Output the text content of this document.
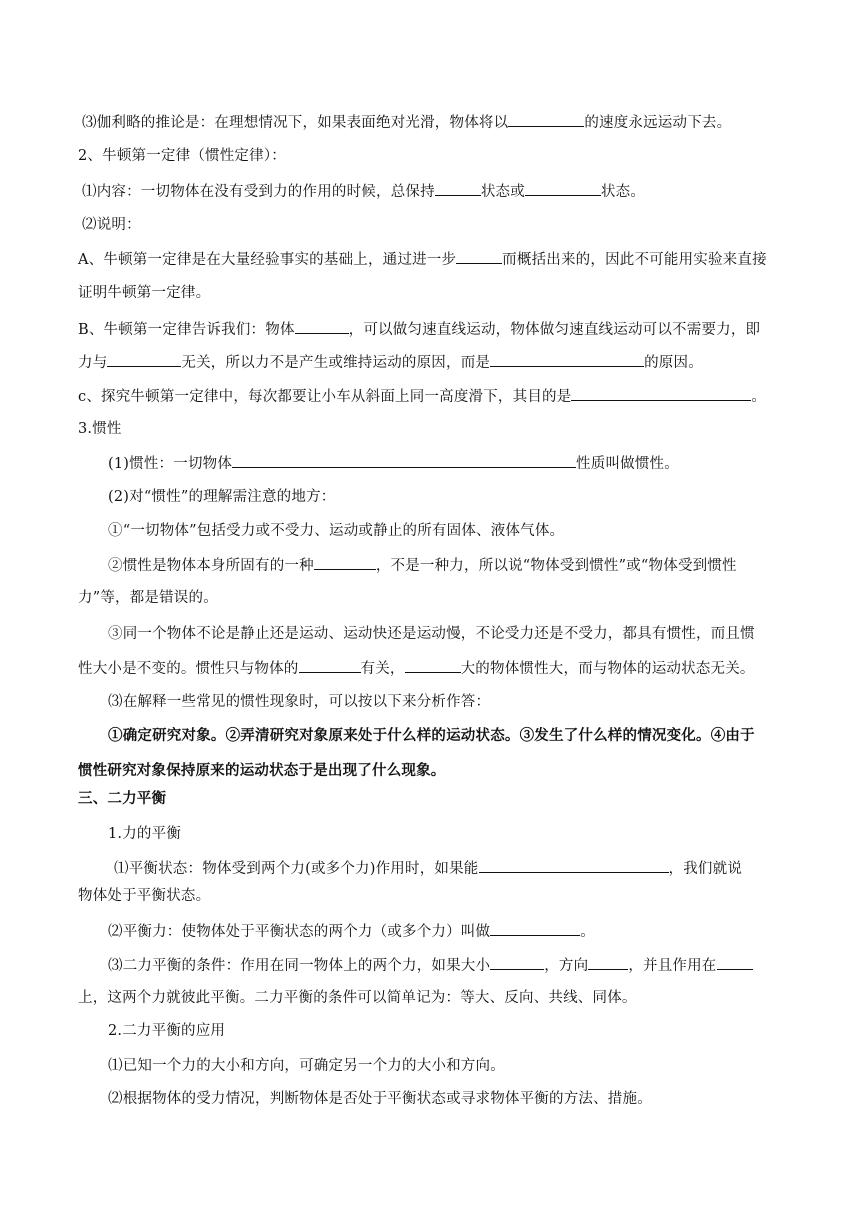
⑶伽利略的推论是：在理想情况下，如果表面绝对光滑，物体将以	的速度永远运动下去。
2、牛顿第一定律（惯性定律）：
⑴内容：一切物体在没有受到力的作用的时候，总保持	状态或	状态。
⑵说明：
A、牛顿第一定律是在大量经验事实的基础上，通过进一步	而概括出来的，因此不可能用实验来直接
证明牛顿第一定律。
B、牛顿第一定律告诉我们：物体	，可以做匀速直线运动，物体做匀速直线运动可以不需要力，即
力与	无关，所以力不是产生或维持运动的原因，而是	的原因。
c、探究牛顿第一定律中，每次都要让小车从斜面上同一高度滑下，其目的是	。
3.惯性
(1)惯性：一切物体	性质叫做惯性。
(2)对“惯性”的理解需注意的地方：
①“一切物体”包括受力或不受力、运动或静止的所有固体、液体气体。
②惯性是物体本身所固有的一种	，不是一种力，所以说“物体受到惯性”或“物体受到惯性
力”等，都是错误的。
③同一个物体不论是静止还是运动、运动快还是运动慢，不论受力还是不受力，都具有惯性，而且惯
性大小是不变的。惯性只与物体的	有关，	大的物体惯性大，而与物体的运动状态无关。
⑶在解释一些常见的惯性现象时，可以按以下来分析作答：
①确定研究对象。②弄清研究对象原来处于什么样的运动状态。③发生了什么样的情况变化。④由于
惯性研究对象保持原来的运动状态于是出现了什么现象。
三、二力平衡
1.力的平衡
⑴平衡状态：物体受到两个力(或多个力)作用时，如果能	，我们就说
物体处于平衡状态。
⑵平衡力：使物体处于平衡状态的两个力（或多个力）叫做	。
⑶二力平衡的条件：作用在同一物体上的两个力，如果大小	，方向	，并且作用在
上，这两个力就彼此平衡。二力平衡的条件可以简单记为：等大、反向、共线、同体。
2.二力平衡的应用
⑴已知一个力的大小和方向，可确定另一个力的大小和方向。
⑵根据物体的受力情况，判断物体是否处于平衡状态或寻求物体平衡的方法、措施。
